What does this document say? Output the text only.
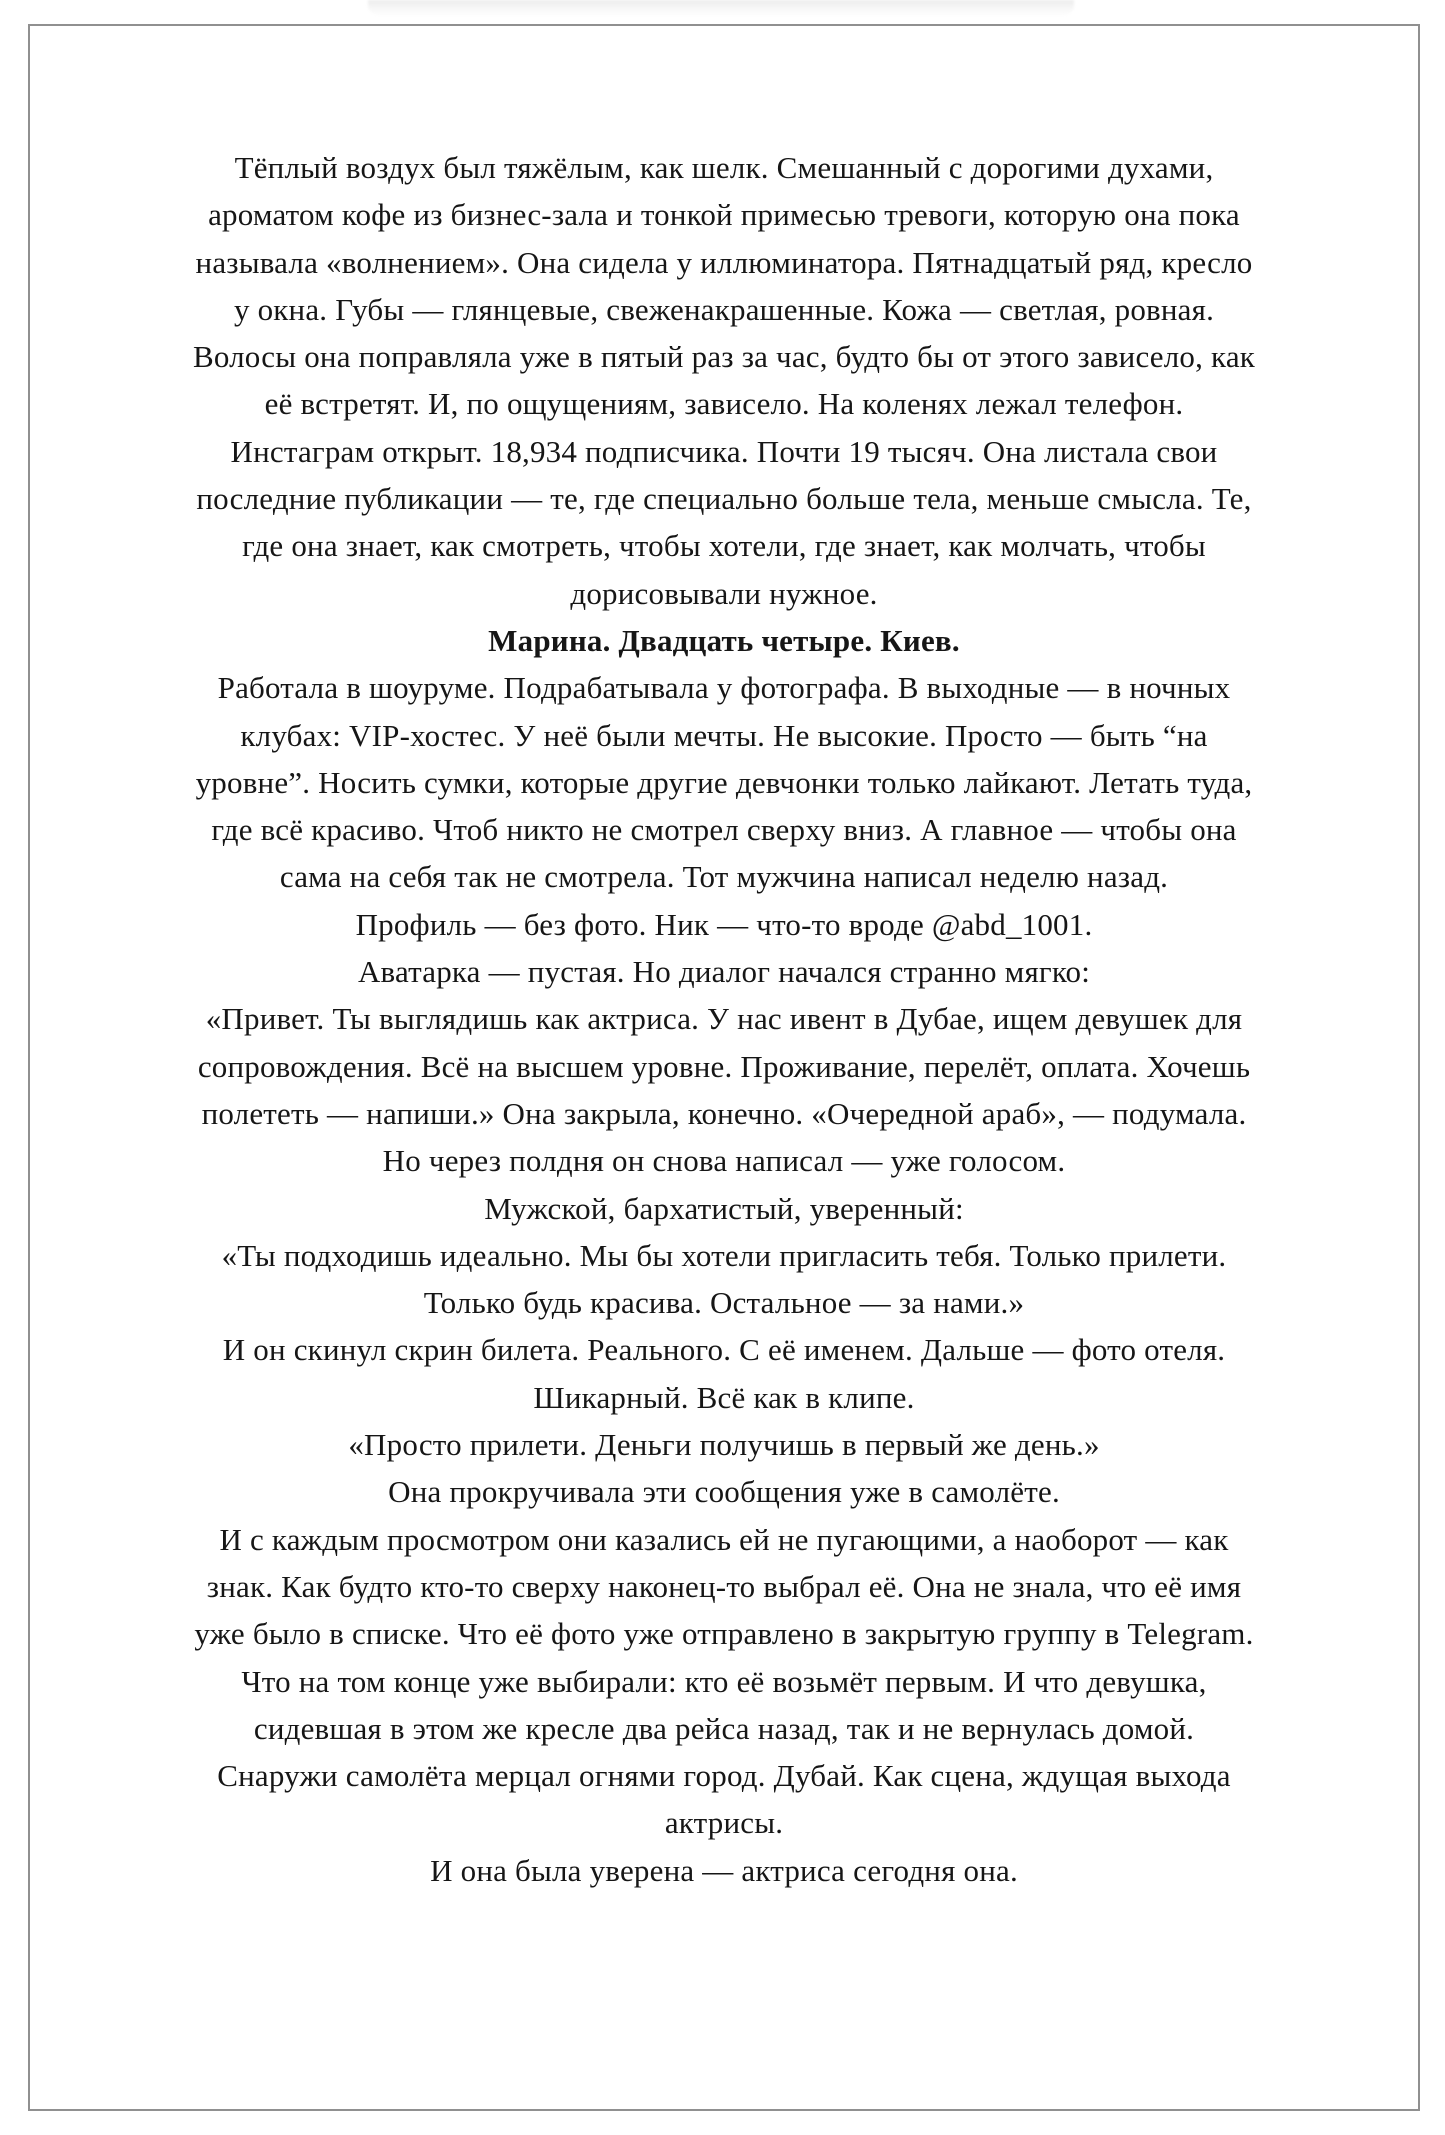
Тёплый воздух был тяжёлым, как шелк. Смешанный с дорогими духами,
ароматом кофе из бизнес-зала и тонкой примесью тревоги, которую она пока
называла «волнением». Она сидела у иллюминатора. Пятнадцатый ряд, кресло
у окна. Губы — глянцевые, свеженакрашенные. Кожа — светлая, ровная.
Волосы она поправляла уже в пятый раз за час, будто бы от этого зависело, как
её встретят. И, по ощущениям, зависело. На коленях лежал телефон.
Инстаграм открыт. 18,934 подписчика. Почти 19 тысяч. Она листала свои
последние публикации — те, где специально больше тела, меньше смысла. Те,
где она знает, как смотреть, чтобы хотели, где знает, как молчать, чтобы
дорисовывали нужное.
Марина. Двадцать четыре. Киев.
Работала в шоуруме. Подрабатывала у фотографа. В выходные — в ночных
клубах: VIP-хостес. У неё были мечты. Не высокие. Просто — быть “на
уровне”. Носить сумки, которые другие девчонки только лайкают. Летать туда,
где всё красиво. Чтоб никто не смотрел сверху вниз. А главное — чтобы она
сама на себя так не смотрела. Тот мужчина написал неделю назад.
Профиль — без фото. Ник — что-то вроде @abd_1001.
Аватарка — пустая. Но диалог начался странно мягко:
«Привет. Ты выглядишь как актриса. У нас ивент в Дубае, ищем девушек для
сопровождения. Всё на высшем уровне. Проживание, перелёт, оплата. Хочешь
полететь — напиши.» Она закрыла, конечно. «Очередной араб», — подумала.
Но через полдня он снова написал — уже голосом.
Мужской, бархатистый, уверенный:
«Ты подходишь идеально. Мы бы хотели пригласить тебя. Только прилети.
Только будь красива. Остальное — за нами.»
И он скинул скрин билета. Реального. С её именем. Дальше — фото отеля.
Шикарный. Всё как в клипе.
«Просто прилети. Деньги получишь в первый же день.»
Она прокручивала эти сообщения уже в самолёте.
И с каждым просмотром они казались ей не пугающими, а наоборот — как
знак. Как будто кто-то сверху наконец-то выбрал её. Она не знала, что её имя
уже было в списке. Что её фото уже отправлено в закрытую группу в Telegram.
Что на том конце уже выбирали: кто её возьмёт первым. И что девушка,
сидевшая в этом же кресле два рейса назад, так и не вернулась домой.
Снаружи самолёта мерцал огнями город. Дубай. Как сцена, ждущая выхода
актрисы.
И она была уверена — актриса сегодня она.
